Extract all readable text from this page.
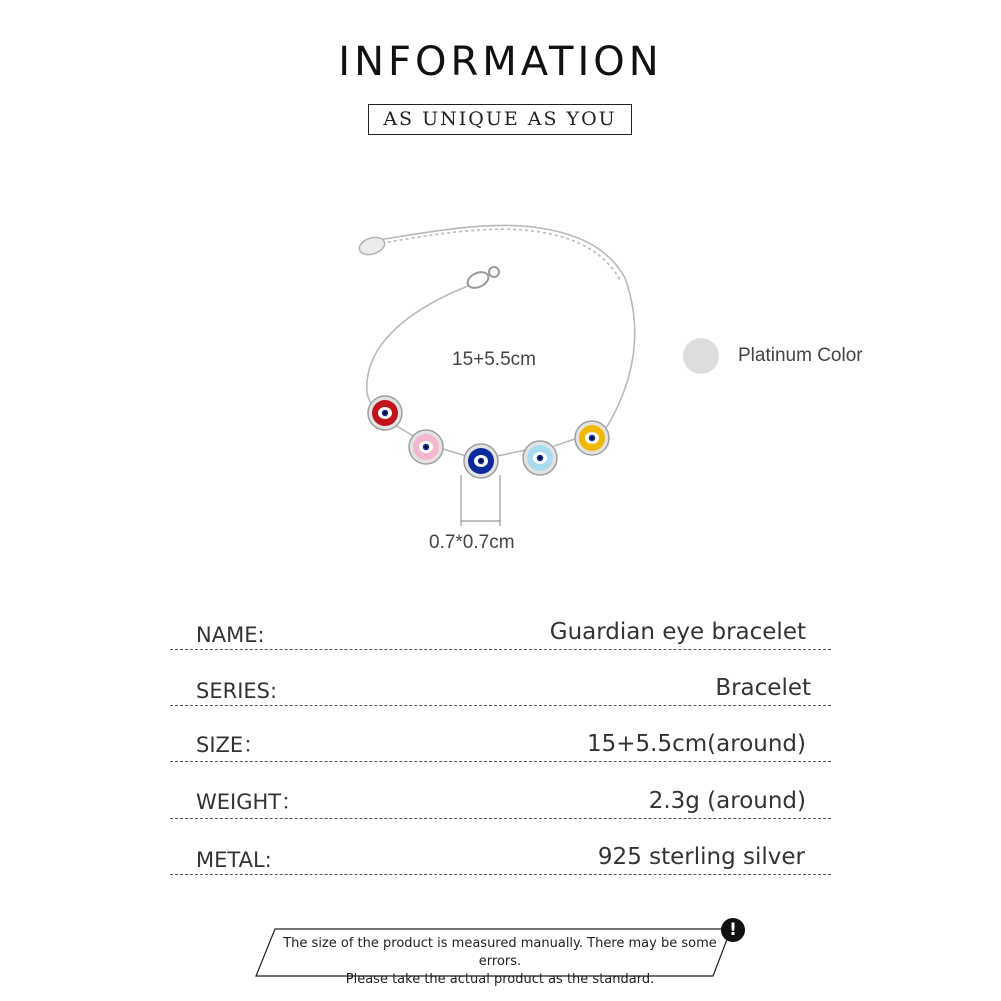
INFORMATION
AS UNIQUE AS YOU
15+5.5cm
0.7*0.7cm
Platinum Color
NAME:	Guardian eye bracelet
SERIES:	Bracelet
SIZE：	15+5.5cm(around)
WEIGHT：	2.3g (around)
METAL:	925 sterling silver
The size of the product is measured manually. There may be some errors.
Please take the actual product as the standard.
!
